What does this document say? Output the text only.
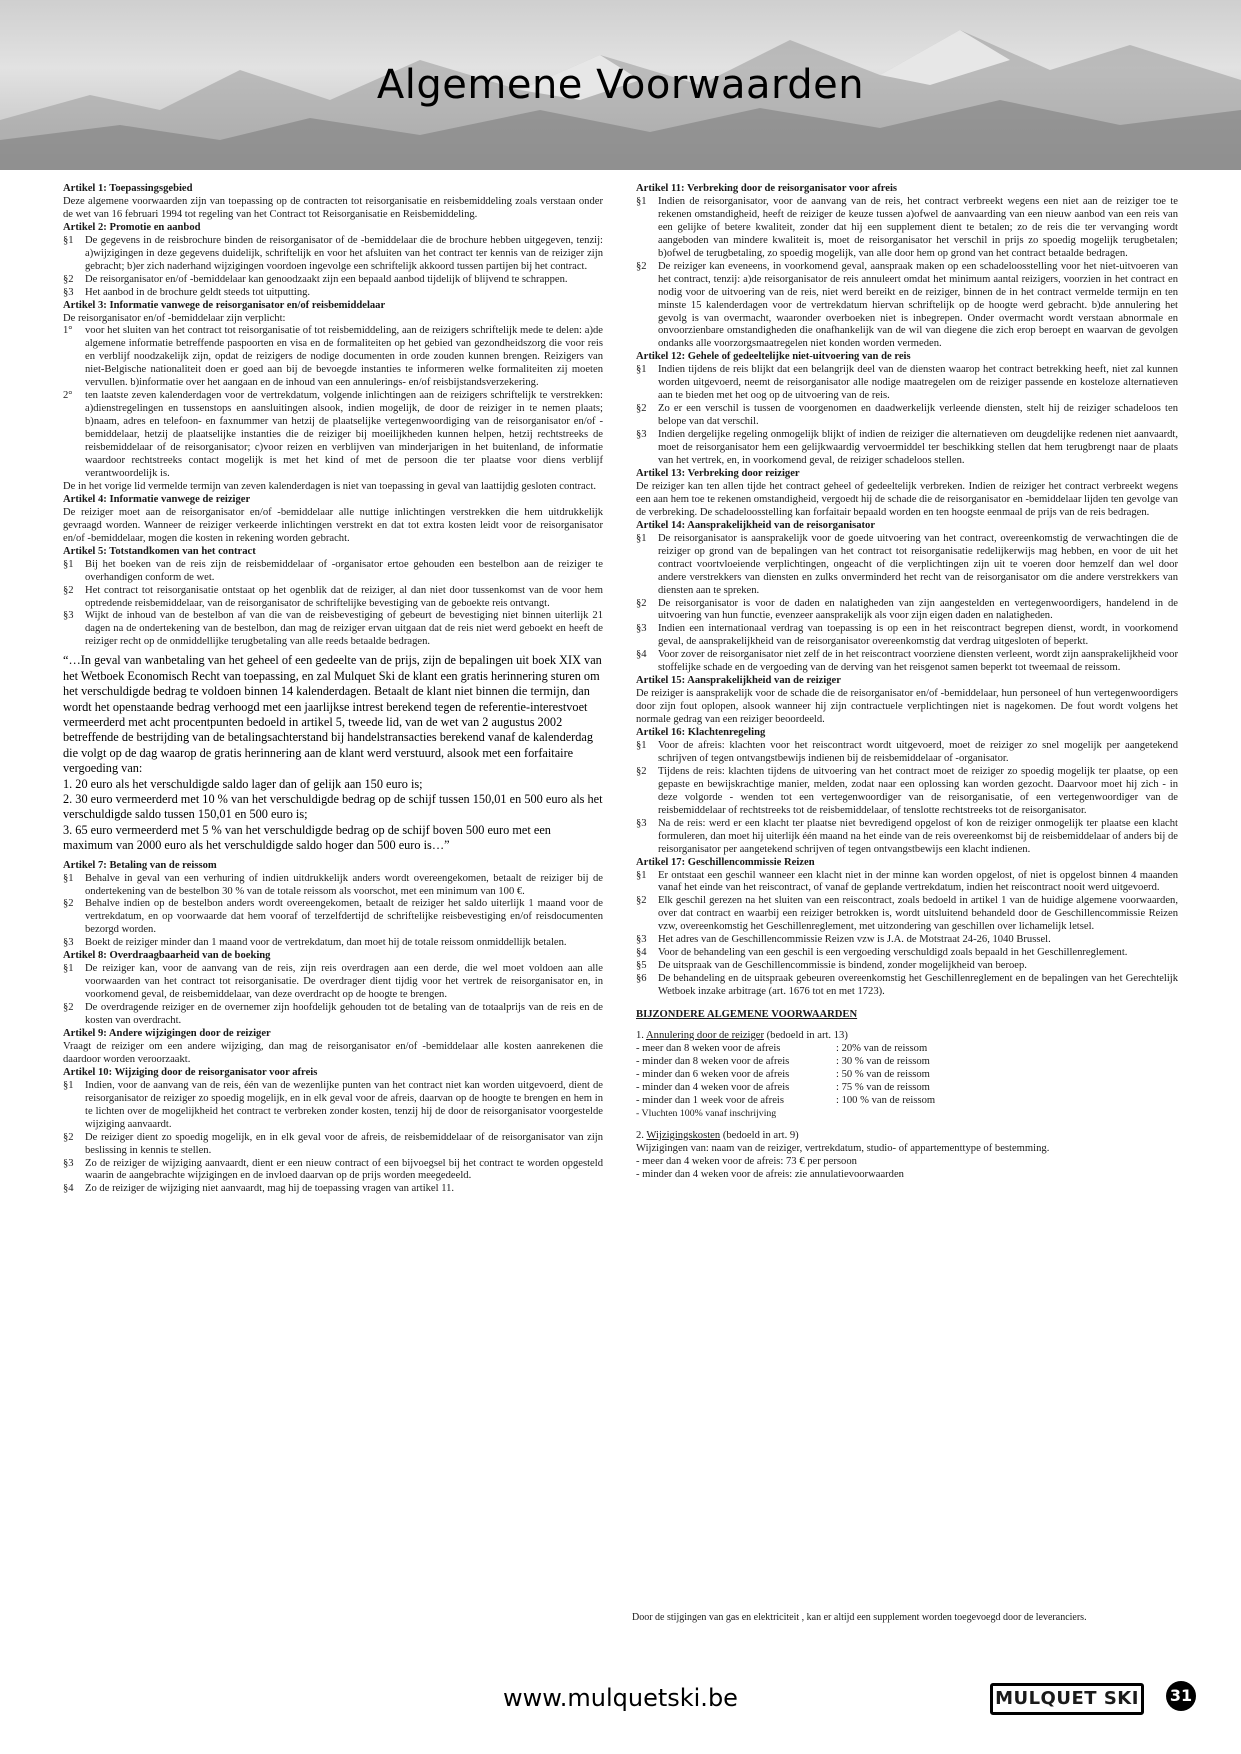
Algemene Voorwaarden
Artikel 1: Toepassingsgebied

Deze algemene voorwaarden zijn van toepassing op de contracten tot reisorganisatie en reisbemiddeling zoals verstaan onder de wet van 16 februari 1994 tot regeling van het Contract tot Reisorganisatie en Reisbemiddeling.

Artikel 2: Promotie en aanbod
§1	De gegevens in de reisbrochure binden de reisorganisator of de -bemiddelaar die de brochure hebben uitgegeven, tenzij: a)wijzigingen in deze gegevens duidelijk, schriftelijk en voor het afsluiten van het contract ter kennis van de reiziger zijn gebracht; b)er zich naderhand wijzigingen voordoen ingevolge een schriftelijk akkoord tussen partijen bij het contract.
§2	De reisorganisator en/of -bemiddelaar kan genoodzaakt zijn een bepaald aanbod tijdelijk of blijvend te schrappen.
§3	Het aanbod in de brochure geldt steeds tot uitputting.
Artikel 3: Informatie vanwege de reisorganisator en/of reisbemiddelaar

De reisorganisator en/of -bemiddelaar zijn verplicht:

1°	voor het sluiten van het contract tot reisorganisatie of tot reisbemiddeling, aan de reizigers schriftelijk mede te delen: a)de algemene informatie betreffende paspoorten en visa en de formaliteiten op het gebied van gezondheidszorg die voor reis en verblijf noodzakelijk zijn, opdat de reizigers de nodige documenten in orde zouden kunnen brengen. Reizigers van niet-Belgische nationaliteit doen er goed aan bij de bevoegde instanties te informeren welke formaliteiten zij moeten vervullen. b)informatie over het aangaan en de inhoud van een annulerings- en/of reisbijstandsverzekering.
2°	ten laatste zeven kalenderdagen voor de vertrekdatum, volgende inlichtingen aan de reizigers schriftelijk te verstrekken: a)dienstregelingen en tussenstops en aansluitingen alsook, indien mogelijk, de door de reiziger in te nemen plaats; b)naam, adres en telefoon- en faxnummer van hetzij de plaatselijke vertegenwoordiging van de reisorganisator en/of -bemiddelaar, hetzij de plaatselijke instanties die de reiziger bij moeilijkheden kunnen helpen, hetzij rechtstreeks de reisbemiddelaar of de reisorganisator; c)voor reizen en verblijven van minderjarigen in het buitenland, de informatie waardoor rechtstreeks contact mogelijk is met het kind of met de persoon die ter plaatse voor diens verblijf verantwoordelijk is.

De in het vorige lid vermelde termijn van zeven kalenderdagen is niet van toepassing in geval van laattijdig gesloten contract.

Artikel 4: Informatie vanwege de reiziger

De reiziger moet aan de reisorganisator en/of -bemiddelaar alle nuttige inlichtingen verstrekken die hem uitdrukkelijk gevraagd worden. Wanneer de reiziger verkeerde inlichtingen verstrekt en dat tot extra kosten leidt voor de reisorganisator en/of -bemiddelaar, mogen die kosten in rekening worden gebracht.

Artikel 5: Totstandkomen van het contract
§1	Bij het boeken van de reis zijn de reisbemiddelaar of -organisator ertoe gehouden een bestelbon aan de reiziger te overhandigen conform de wet.
§2	Het contract tot reisorganisatie ontstaat op het ogenblik dat de reiziger, al dan niet door tussenkomst van de voor hem optredende reisbemiddelaar, van de reisorganisator de schriftelijke bevestiging van de geboekte reis ontvangt.
§3	Wijkt de inhoud van de bestelbon af van die van de reisbevestiging of gebeurt de bevestiging niet binnen uiterlijk 21 dagen na de ondertekening van de bestelbon, dan mag de reiziger ervan uitgaan dat de reis niet werd geboekt en heeft de reiziger recht op de onmiddellijke terugbetaling van alle reeds betaalde bedragen.

“…In geval van wanbetaling van het geheel of een gedeelte van de prijs, zijn de bepalingen uit boek XIX van het Wetboek Economisch Recht van toepassing, en zal Mulquet Ski de klant een gratis herinnering sturen om het verschuldigde bedrag te voldoen binnen 14 kalenderdagen. Betaalt de klant niet binnen die termijn, dan wordt het openstaande bedrag verhoogd met een jaarlijkse intrest berekend tegen de referentie-interestvoet vermeerderd met acht procentpunten bedoeld in artikel 5, tweede lid, van de wet van 2 augustus 2002 betreffende de bestrijding van de betalingsachterstand bij handelstransacties berekend vanaf de kalenderdag die volgt op de dag waarop de gratis herinnering aan de klant werd verstuurd, alsook met een forfaitaire vergoeding van:

1. 20 euro als het verschuldigde saldo lager dan of gelijk aan 150 euro is;

2. 30 euro vermeerderd met 10 % van het verschuldigde bedrag op de schijf tussen 150,01 en 500 euro als het verschuldigde saldo tussen 150,01 en 500 euro is;

3. 65 euro vermeerderd met 5 % van het verschuldigde bedrag op de schijf boven 500 euro met een maximum van 2000 euro als het verschuldigde saldo hoger dan 500 euro is…”

Artikel 7: Betaling van de reissom
§1	Behalve in geval van een verhuring of indien uitdrukkelijk anders wordt overeengekomen, betaalt de reiziger bij de ondertekening van de bestelbon 30 % van de totale reissom als voorschot, met een minimum van 100 €.
§2	Behalve indien op de bestelbon anders wordt overeengekomen, betaalt de reiziger het saldo uiterlijk 1 maand voor de vertrekdatum, en op voorwaarde dat hem vooraf of terzelfdertijd de schriftelijke reisbevestiging en/of reisdocumenten bezorgd worden.
§3	Boekt de reiziger minder dan 1 maand voor de vertrekdatum, dan moet hij de totale reissom onmiddellijk betalen.
Artikel 8: Overdraagbaarheid van de boeking
§1	De reiziger kan, voor de aanvang van de reis, zijn reis overdragen aan een derde, die wel moet voldoen aan alle voorwaarden van het contract tot reisorganisatie. De overdrager dient tijdig voor het vertrek de reisorganisator en, in voorkomend geval, de reisbemiddelaar, van deze overdracht op de hoogte te brengen.
§2	De overdragende reiziger en de overnemer zijn hoofdelijk gehouden tot de betaling van de totaalprijs van de reis en de kosten van overdracht.
Artikel 9: Andere wijzigingen door de reiziger

Vraagt de reiziger om een andere wijziging, dan mag de reisorganisator en/of -bemiddelaar alle kosten aanrekenen die daardoor worden veroorzaakt.

Artikel 10: Wijziging door de reisorganisator voor afreis
§1	Indien, voor de aanvang van de reis, één van de wezenlijke punten van het contract niet kan worden uitgevoerd, dient de reisorganisator de reiziger zo spoedig mogelijk, en in elk geval voor de afreis, daarvan op de hoogte te brengen en hem in te lichten over de mogelijkheid het contract te verbreken zonder kosten, tenzij hij de door de reisorganisator voorgestelde wijziging aanvaardt.
§2	De reiziger dient zo spoedig mogelijk, en in elk geval voor de afreis, de reisbemiddelaar of de reisorganisator van zijn beslissing in kennis te stellen.
§3	Zo de reiziger de wijziging aanvaardt, dient er een nieuw contract of een bijvoegsel bij het contract te worden opgesteld waarin de aangebrachte wijzigingen en de invloed daarvan op de prijs worden meegedeeld.
§4	Zo de reiziger de wijziging niet aanvaardt, mag hij de toepassing vragen van artikel 11.
Artikel 11: Verbreking door de reisorganisator voor afreis
§1	Indien de reisorganisator, voor de aanvang van de reis, het contract verbreekt wegens een niet aan de reiziger toe te rekenen omstandigheid, heeft de reiziger de keuze tussen a)ofwel de aanvaarding van een nieuw aanbod van een reis van een gelijke of betere kwaliteit, zonder dat hij een supplement dient te betalen; zo de reis die ter vervanging wordt aangeboden van mindere kwaliteit is, moet de reisorganisator het verschil in prijs zo spoedig mogelijk terugbetalen; b)ofwel de terugbetaling, zo spoedig mogelijk, van alle door hem op grond van het contract betaalde bedragen.
§2	De reiziger kan eveneens, in voorkomend geval, aanspraak maken op een schadeloosstelling voor het niet-uitvoeren van het contract, tenzij: a)de reisorganisator de reis annuleert omdat het minimum aantal reizigers, voorzien in het contract en nodig voor de uitvoering van de reis, niet werd bereikt en de reiziger, binnen de in het contract vermelde termijn en ten minste 15 kalenderdagen voor de vertrekdatum hiervan schriftelijk op de hoogte werd gebracht. b)de annulering het gevolg is van overmacht, waaronder overboeken niet is inbegrepen. Onder overmacht wordt verstaan abnormale en onvoorzienbare omstandigheden die onafhankelijk van de wil van diegene die zich erop beroept en waarvan de gevolgen ondanks alle voorzorgsmaatregelen niet konden worden vermeden.
Artikel 12: Gehele of gedeeltelijke niet-uitvoering van de reis
§1	Indien tijdens de reis blijkt dat een belangrijk deel van de diensten waarop het contract betrekking heeft, niet zal kunnen worden uitgevoerd, neemt de reisorganisator alle nodige maatregelen om de reiziger passende en kosteloze alternatieven aan te bieden met het oog op de uitvoering van de reis.
§2	Zo er een verschil is tussen de voorgenomen en daadwerkelijk verleende diensten, stelt hij de reiziger schadeloos ten belope van dat verschil.
§3	Indien dergelijke regeling onmogelijk blijkt of indien de reiziger die alternatieven om deugdelijke redenen niet aanvaardt, moet de reisorganisator hem een gelijkwaardig vervoermiddel ter beschikking stellen dat hem terugbrengt naar de plaats van het vertrek, en, in voorkomend geval, de reiziger schadeloos stellen.
Artikel 13: Verbreking door reiziger

De reiziger kan ten allen tijde het contract geheel of gedeeltelijk verbreken. Indien de reiziger het contract verbreekt wegens een aan hem toe te rekenen omstandigheid, vergoedt hij de schade die de reisorganisator en -bemiddelaar lijden ten gevolge van de verbreking. De schadeloosstelling kan forfaitair bepaald worden en ten hoogste eenmaal de prijs van de reis bedragen.

Artikel 14: Aansprakelijkheid van de reisorganisator
§1	De reisorganisator is aansprakelijk voor de goede uitvoering van het contract, overeenkomstig de verwachtingen die de reiziger op grond van de bepalingen van het contract tot reisorganisatie redelijkerwijs mag hebben, en voor de uit het contract voortvloeiende verplichtingen, ongeacht of die verplichtingen zijn uit te voeren door hemzelf dan wel door andere verstrekkers van diensten en zulks onverminderd het recht van de reisorganisator om die andere verstrekkers van diensten aan te spreken.
§2	De reisorganisator is voor de daden en nalatigheden van zijn aangestelden en vertegenwoordigers, handelend in de uitvoering van hun functie, evenzeer aansprakelijk als voor zijn eigen daden en nalatigheden.
§3	Indien een internationaal verdrag van toepassing is op een in het reiscontract begrepen dienst, wordt, in voorkomend geval, de aansprakelijkheid van de reisorganisator overeenkomstig dat verdrag uitgesloten of beperkt.
§4	Voor zover de reisorganisator niet zelf de in het reiscontract voorziene diensten verleent, wordt zijn aansprakelijkheid voor stoffelijke schade en de vergoeding van de derving van het reisgenot samen beperkt tot tweemaal de reissom.
Artikel 15: Aansprakelijkheid van de reiziger

De reiziger is aansprakelijk voor de schade die de reisorganisator en/of -bemiddelaar, hun personeel of hun vertegenwoordigers door zijn fout oplopen, alsook wanneer hij zijn contractuele verplichtingen niet is nagekomen. De fout wordt volgens het normale gedrag van een reiziger beoordeeld.

Artikel 16: Klachtenregeling
§1	Voor de afreis: klachten voor het reiscontract wordt uitgevoerd, moet de reiziger zo snel mogelijk per aangetekend schrijven of tegen ontvangstbewijs indienen bij de reisbemiddelaar of -organisator.
§2	Tijdens de reis: klachten tijdens de uitvoering van het contract moet de reiziger zo spoedig mogelijk ter plaatse, op een gepaste en bewijskrachtige manier, melden, zodat naar een oplossing kan worden gezocht. Daarvoor moet hij zich - in deze volgorde - wenden tot een vertegenwoordiger van de reisorganisatie, of een vertegenwoordiger van de reisbemiddelaar of rechtstreeks tot de reisbemiddelaar, of tenslotte rechtstreeks tot de reisorganisator.
§3	Na de reis: werd er een klacht ter plaatse niet bevredigend opgelost of kon de reiziger onmogelijk ter plaatse een klacht formuleren, dan moet hij uiterlijk één maand na het einde van de reis overeenkomst bij de reisbemiddelaar of anders bij de reisorganisator per aangetekend schrijven of tegen ontvangstbewijs een klacht indienen.
Artikel 17: Geschillencommissie Reizen
§1	Er ontstaat een geschil wanneer een klacht niet in der minne kan worden opgelost, of niet is opgelost binnen 4 maanden vanaf het einde van het reiscontract, of vanaf de geplande vertrekdatum, indien het reiscontract nooit werd uitgevoerd.
§2	Elk geschil gerezen na het sluiten van een reiscontract, zoals bedoeld in artikel 1 van de huidige algemene voorwaarden, over dat contract en waarbij een reiziger betrokken is, wordt uitsluitend behandeld door de Geschillencommissie Reizen vzw, overeenkomstig het Geschillenreglement, met uitzondering van geschillen over lichamelijk letsel.
§3	Het adres van de Geschillencommissie Reizen vzw is J.A. de Motstraat 24-26, 1040 Brussel.
§4	Voor de behandeling van een geschil is een vergoeding verschuldigd zoals bepaald in het Geschillenreglement.
§5	De uitspraak van de Geschillencommissie is bindend, zonder mogelijkheid van beroep.
§6	De behandeling en de uitspraak gebeuren overeenkomstig het Geschillenreglement en de bepalingen van het Gerechtelijk Wetboek inzake arbitrage (art. 1676 tot en met 1723).
BIJZONDERE ALGEMENE VOORWAARDEN
1. Annulering door de reiziger (bedoeld in art. 13)
- meer dan 8 weken voor de afreis	: 20% van de reissom
- minder dan 8 weken voor de afreis	: 30 % van de reissom
- minder dan 6 weken voor de afreis	: 50 % van de reissom
- minder dan 4 weken voor de afreis	: 75 % van de reissom
- minder dan 1 week voor de afreis	: 100 % van de reissom
- Vluchten 100% vanaf inschrijving
2. Wijzigingskosten (bedoeld in art. 9)
Wijzigingen van: naam van de reiziger, vertrekdatum, studio- of appartementtype of bestemming.
- meer dan 4 weken voor de afreis: 73 € per persoon
- minder dan 4 weken voor de afreis: zie annulatievoorwaarden
Door de stijgingen van gas en elektriciteit , kan er altijd een supplement worden toegevoegd door de leveranciers.
www.mulquetski.be	MULQUET SKI	31
